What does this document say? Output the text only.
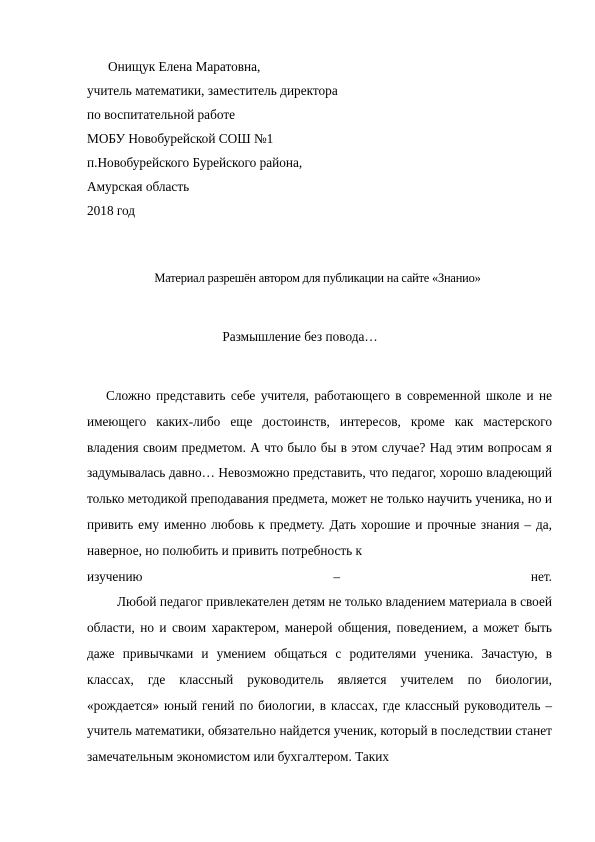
Онищук Елена Маратовна,
учитель математики, заместитель директора
по воспитательной работе
МОБУ Новобурейской СОШ №1
п.Новобурейского Бурейского района,
Амурская область
2018 год
Материал разрешён автором для публикации на сайте «Знанио»
Размышление без повода…

Сложно представить себе учителя, работающего в современной школе и не имеющего каких-либо еще достоинств, интересов, кроме как мастерского владения своим предметом. А что было бы в этом случае? Над этим вопросам я задумывалась давно… Невозможно представить, что педагог, хорошо владеющий только методикой преподавания предмета, может не только научить ученика, но и привить ему именно любовь к предмету. Дать хорошие и прочные знания – да, наверное, но полюбить и привить потребность к

изучению	–	нет.

Любой педагог привлекателен детям не только владением материала в своей области, но и своим характером, манерой общения, поведением, а может быть даже привычками и умением общаться с родителями ученика. Зачастую, в классах, где классный руководитель является учителем по биологии, «рождается» юный гений по биологии, в классах, где классный руководитель – учитель математики, обязательно найдется ученик, который в последствии станет замечательным экономистом или бухгалтером. Таких
